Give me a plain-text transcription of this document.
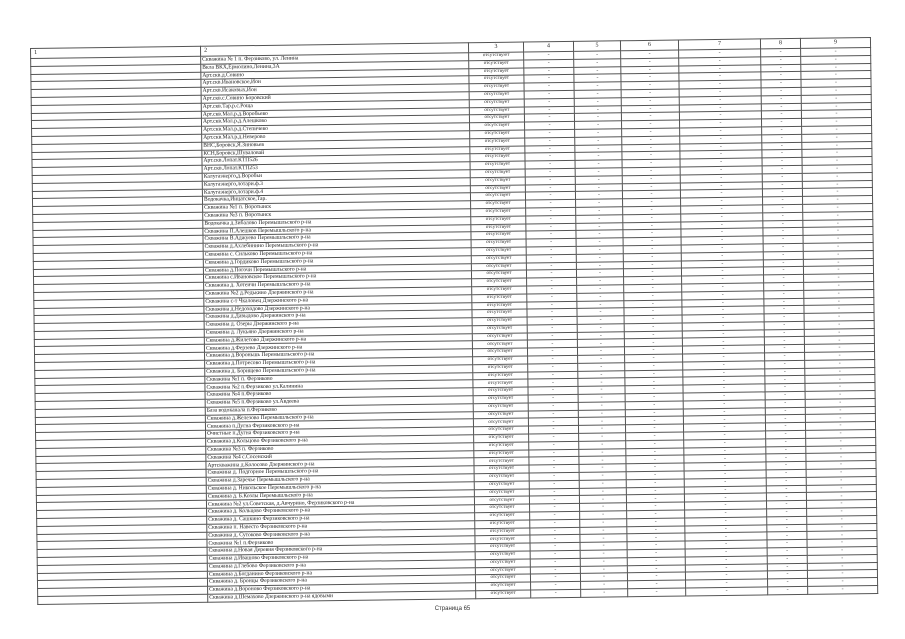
1	2	3	4	5	6	7	8	9
	Скважина № 1 п. Ферзиково, ул. Ленина	отсутствуют	-	-	-	-	-	-
	Вкла ВКХ,Ермолино,Ленина,3А	отсутствует	-	-	-	-	-	-
	Арт.скв.д.Совино	отсутствует	-	-	-	-	-	-
	Арт.скв.Ивановское,Ион	отсутствует	-	-	-	-	-	-
	Арт.скв.Исаковых,Ион	отсутствует	-	-	-	-	-	-
	Арт.скв.с.Совино Боровский	отсутствует	-	-	-	-	-	-
	Арт.скв.Тар.р.с.Роща	отсутствует	-	-	-	-	-	-
	Арт.скв.Мал.р.д.Воробьево	отсутствует	-	-	-	-	-	-
	Арт.скв.Мал.р.д.Алешково	отсутствует	-	-	-	-	-	-
	Арт.скв.Мал.р.д.Степичево	отсутствует	-	-	-	-	-	-
	Арт.скв.Мал.р.д.Неверово	отсутствует	-	-	-	-	-	-
	ВНС,Боровск,Я.Зиновьев	отсутствует	-	-	-	-	-	-
	КСН,Боровск,Шуваловай	отсутствует	-	-	-	-	-	-
	Арт.скв.Лопат.КТП526	отсутствует	-	-	-	-	-	-
	Арт.скв.Лопат.КТП253	отсутствует	-	-	-	-	-	-
	Калугаэнерго,д.Воробьи	отсутствует	-	-	-	-	-	-
	Калугаэнерго,лотари.ф.3	отсутствует	-	-	-	-	-	-
	Калугаэнерго,лотари.ф.4	отсутствует	-	-	-	-	-	-
	Водокачка,Инцатское,Тар.	отсутствует	-	-	-	-	-	-
	Скважина №1 п. Воротынск	отсутствует	-	-	-	-	-	-
	Скважина №3 п. Воротынск	отсутствует	-	-	-	-	-	-
	Водокачка д.Зибалово Перемышльского р-на	отсутствует	-	-	-	-	-	-
	Скважина П.Алешков Перемышльского р-на	отсутствует	-	-	-	-	-	-
	Скважина В.Аджуево Перемышльского р-на	отсутствует	-	-	-	-	-	-
	Скважина д.Ахлебинино Перемышльского р-на	отсутствует	-	-	-	-	-	-
	Скважина с. Сильково Перемышльского р-на	отсутствует	-	-	-	-	-	-
	Скважина д.Гордиково Перемышльского р-на	отсутствует	-	-	-	-	-	-
	Скважина д.Погочи Перемышльского р-на	отсутствует	-	-	-	-	-	-
	Скважина с.Ивановское Перемышльского р-на	отсутствует	-	-	-	-	-	-
	Скважина д. Хотеичи Перемышльского р-на	отсутствует	-	-	-	-	-	-
	Скважина №2 д.Редькино Дзержинского р-на	отсутствует	-	-	-	-	-	-
	Скважина с-т Чкаловец Дзержинского р-на	отсутствует	-	-	-	-	-	-
	Скважина д.Недоходово Дзержинского р-на	отсутствует	-	-	-	-	-	-
	Скважина д.Давыдово Дзержинского р-на	отсутствует	-	-	-	-	-	-
	Скважина д. Озеры Дзержинского р-на	отсутствует	-	-	-	-	-	-
	Скважина д. Лукьяно Дзержинского р-на	отсутствует	-	-	-	-	-	-
	Скважина д.Жилетово Дзержинского р-на	отсутствует	-	-	-	-	-	-
	Скважина д.Ферзево Дзержинского р-на	отсутствует	-	-	-	-	-	-
	Скважина д.Вороньшь Перемышльского р-на	отсутствует	-	-	-	-	-	-
	Скважина д.Потресово Перемышльского р-на	отсутствует	-	-	-	-	-	-
	Скважина д. Борищево Перемышльского р-на	отсутствует	-	-	-	-	-	-
	Скважина №1 п. Ферзиково	отсутствует	-	-	-	-	-	-
	Скважина №2 п.Ферзиково ул.Калинина	отсутствует	-	-	-	-	-	-
	Скважина №4 п.Ферзиково	отсутствует	-	-	-	-	-	-
	Скважина №5 п.Ферзиково ул.Авдеева	отсутствует	-	-	-	-	-	-
	База водоканала п.Ферзиково	отсутствует	-	-	-	-	-	-
	Скважина д.Железово Перемышльского р-на	отсутствует	-	-	-	-	-	-
	Скважина п.Дугна Ферзиковского р-на	отсутствует	-	-	-	-	-	-
	Очистные п.Дугна Ферзиковского р-на	отсутствует	-	-	-	-	-	-
	Скважина д.Кольцово Ферзиковского р-на	отсутствует	-	-	-	-	-	-
	Скважина №3 п. Ферзиково	отсутствует	-	-	-	-	-	-
	Скважина №4 с.Сосенский	отсутствует	-	-	-	-	-	-
	Артскважина д.Колосово Дзержинского р-на	отсутствует	-	-	-	-	-	-
	Скважина д. Подгорное Перемышльского р-на	отсутствует	-	-	-	-	-	-
	Скважина д.Заречье Перемышльского р-на	отсутствует	-	-	-	-	-	-
	Скважина д. Никольское Перемышльского р-на	отсутствует	-	-	-	-	-	-
	Скважина д. Б.Козлы Перемышльского р-на	отсутствует	-	-	-	-	-	-
	Скважина №2 ул.Советская, д.Авчурино, Ферзиковского р-на	отсутствует	-	-	-	-	-	-
	Скважина д. Кольцово Ферзиковского р-на	отсутствует	-	-	-	-	-	-
	Скважина д. Сашкино Ферзиковского р-на	отсутствует	-	-	-	-	-	-
	Скважина п. Навесто Ферзиковского р-на	отсутствует	-	-	-	-	-	-
	Скважина д. Сутоково Ферзиковского р-на	отсутствует	-	-	-	-	-	-
	Скважина №1 п.Ферзиково	отсутствует	-	-	-	-	-	-
	Скважина д.Новая Деревня Ферзиковского р-на	отсутствует	-	-	-	-	-	-
	Скважина д.Ивашово Ферзиковского р-на	отсутствует	-	-	-	-	-	-
	Скважина д.Глебово Ферзиковского р-на	отсутствует	-	-	-	-	-	-
	Скважина д.Богданино Ферзиковского р-на	отсутствует	-	-	-	-	-	-
	Скважина д. Бронцы Ферзиковского р-на	отсутствует	-	-	-	-	-	-
	Скважина д.Вороново Ферзиковского р-на	отсутствует	-	-	-	-	-	-
	Скважина д.Шемахово Дзержинского р-на ядовыми	отсутствует	-	-	-	-	-	-
Страница 65
